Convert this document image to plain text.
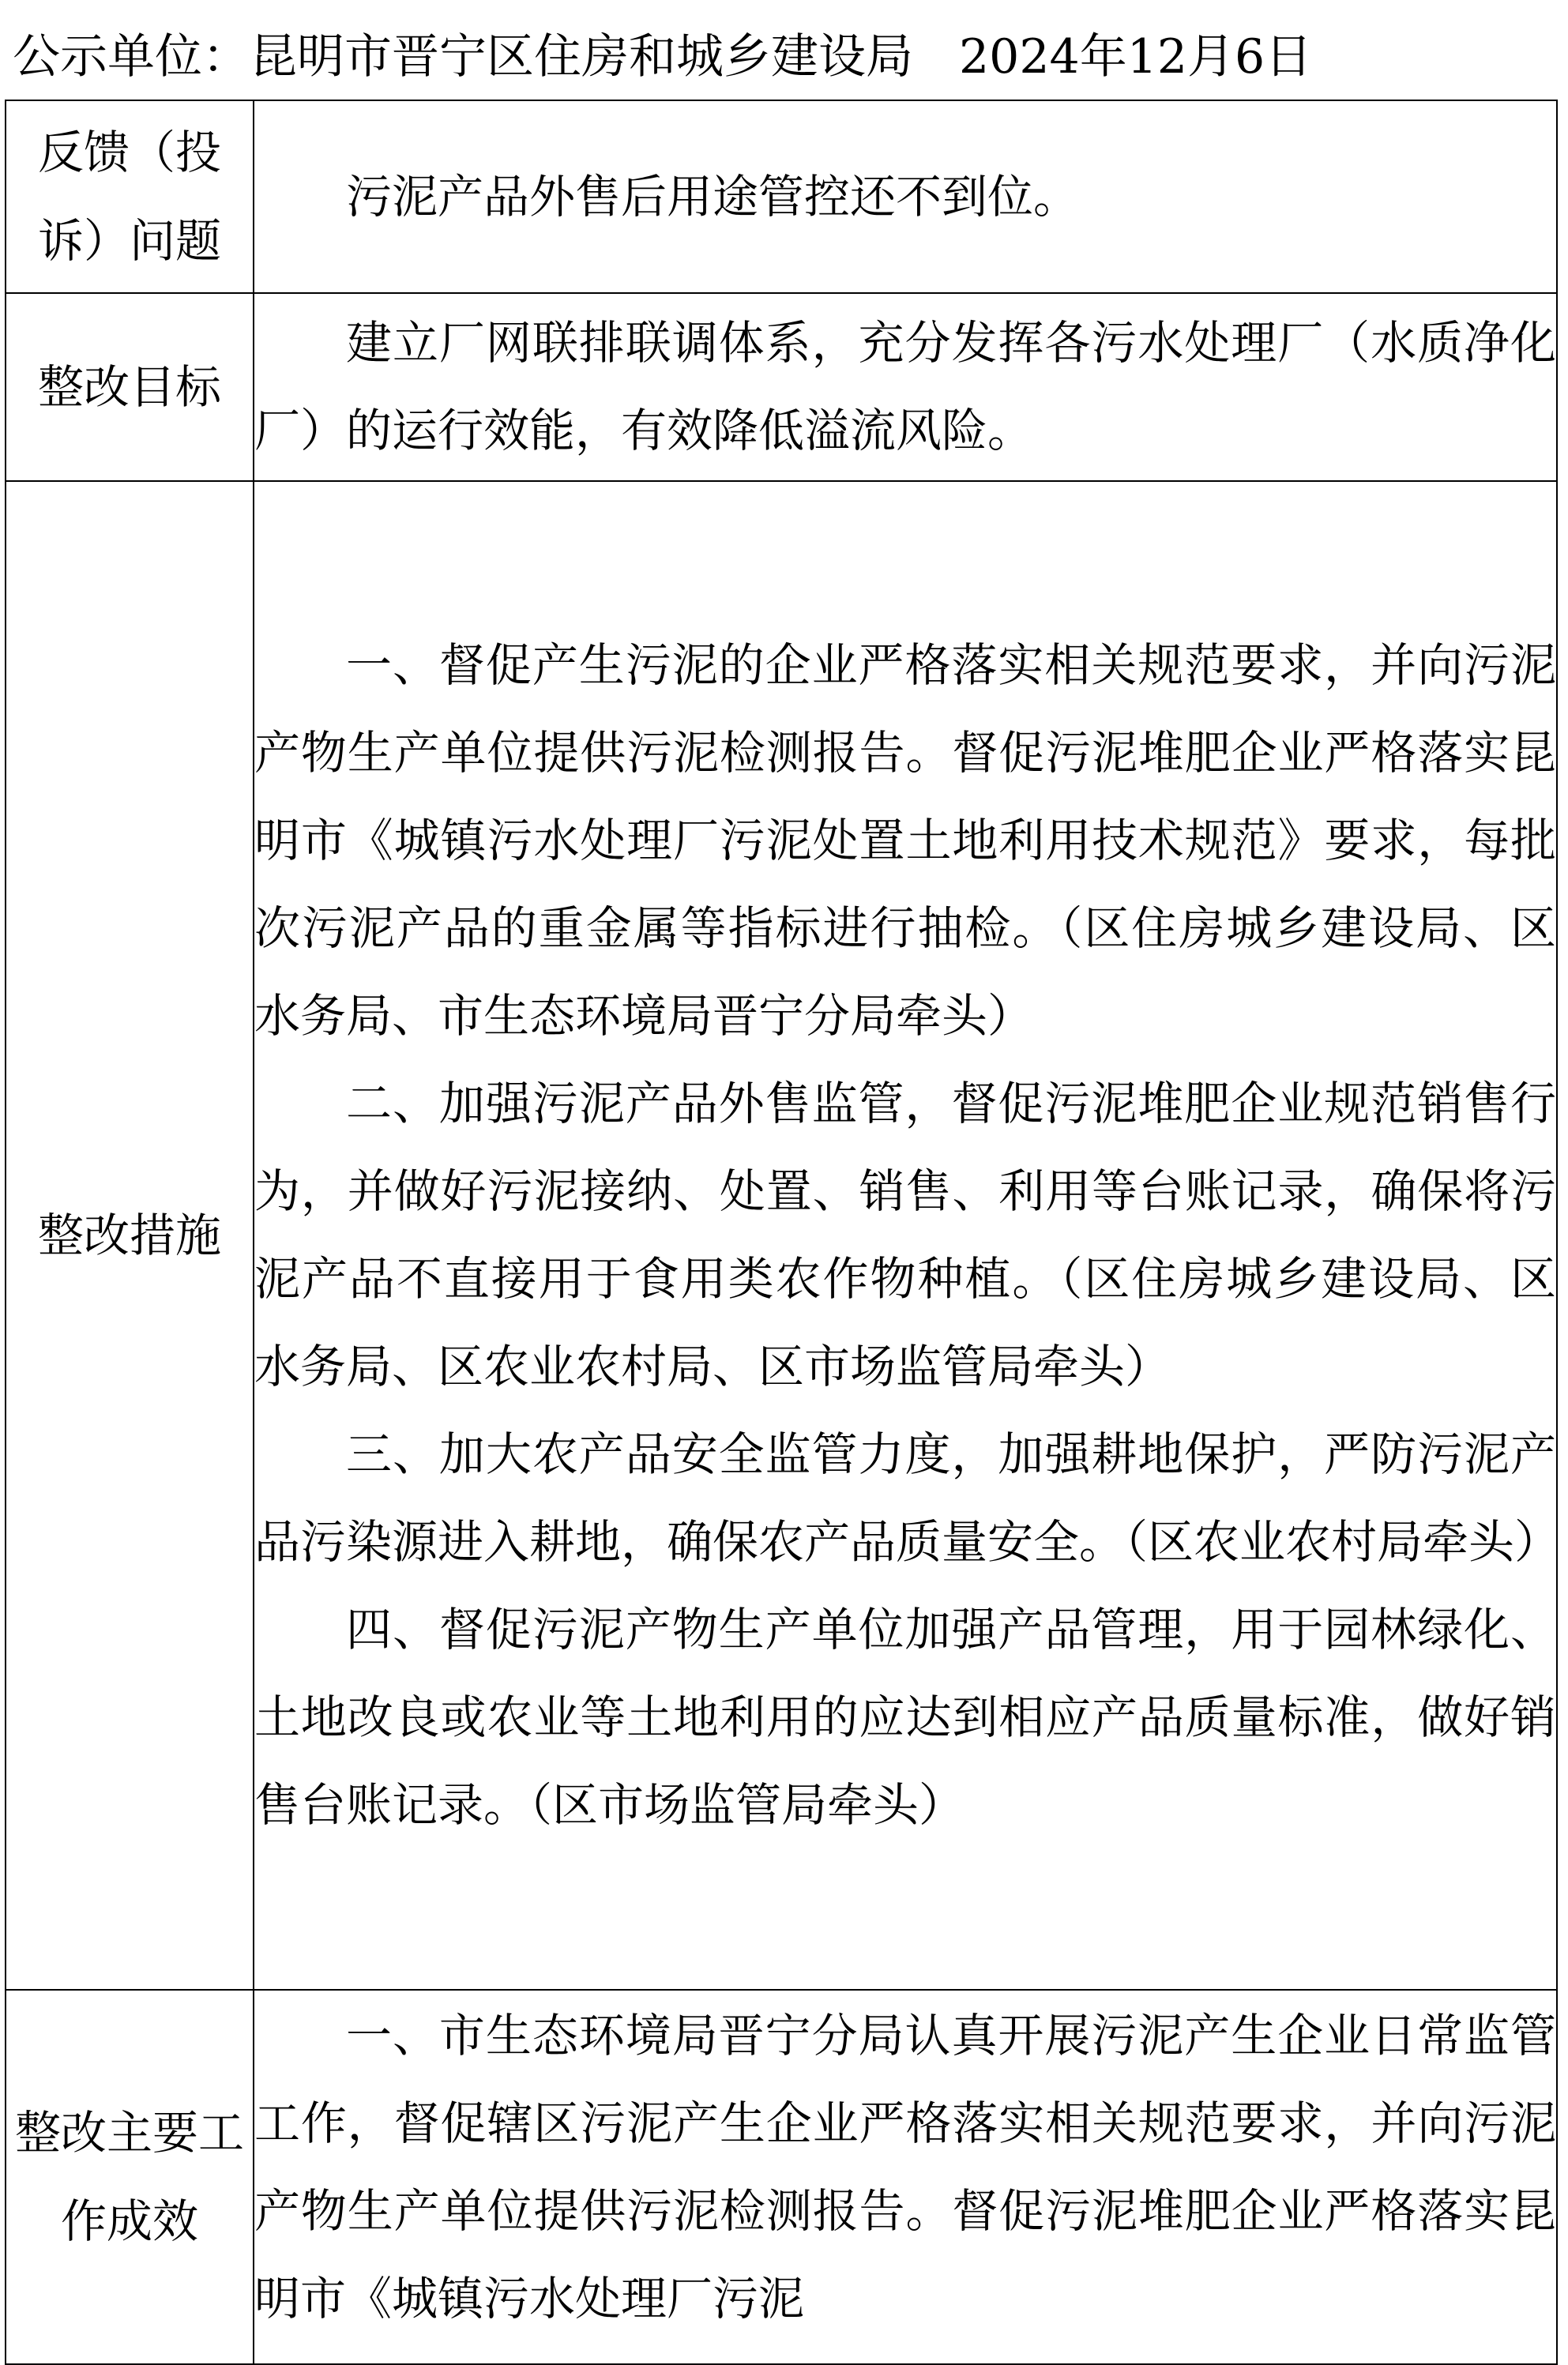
公示单位：昆明市晋宁区住房和城乡建设局 2024年12月6日
反馈（投诉）问题	污泥产品外售后用途管控还不到位。

整改目标	建立厂网联排联调体系，充分发挥各污水处理厂（水质净化厂）的运行效能，有效降低溢流风险。

整改措施	一、督促产生污泥的企业严格落实相关规范要求，并向污泥产物生产单位提供污泥检测报告。督促污泥堆肥企业严格落实昆明市《城镇污水处理厂污泥处置土地利用技术规范》要求，每批次污泥产品的重金属等指标进行抽检。（区住房城乡建设局、区水务局、市生态环境局晋宁分局牵头）

二、加强污泥产品外售监管，督促污泥堆肥企业规范销售行为，并做好污泥接纳、处置、销售、利用等台账记录，确保将污泥产品不直接用于食用类农作物种植。（区住房城乡建设局、区水务局、区农业农村局、区市场监管局牵头）

三、加大农产品安全监管力度，加强耕地保护，严防污泥产品污染源进入耕地，确保农产品质量安全。（区农业农村局牵头）

四、督促污泥产物生产单位加强产品管理，用于园林绿化、土地改良或农业等土地利用的应达到相应产品质量标准，做好销售台账记录。（区市场监管局牵头）

整改主要工作成效	一、市生态环境局晋宁分局认真开展污泥产生企业日常监管工作，督促辖区污泥产生企业严格落实相关规范要求，并向污泥产物生产单位提供污泥检测报告。督促污泥堆肥企业严格落实昆明市《城镇污水处理厂污泥
